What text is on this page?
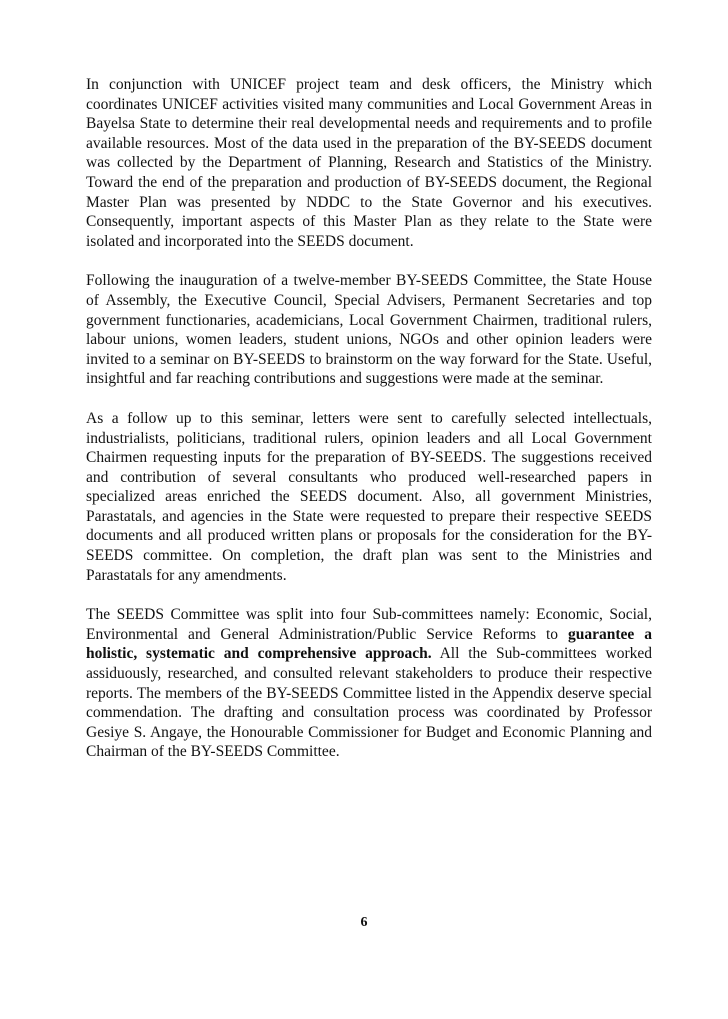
In conjunction with UNICEF project team and desk officers, the Ministry which coordinates UNICEF activities visited many communities and Local Government Areas in Bayelsa State to determine their real developmental needs and requirements and to profile available resources. Most of the data used in the preparation of the BY-SEEDS document was collected by the Department of Planning, Research and Statistics of the Ministry. Toward the end of the preparation and production of BY-SEEDS document, the Regional Master Plan was presented by NDDC to the State Governor and his executives. Consequently, important aspects of this Master Plan as they relate to the State were isolated and incorporated into the SEEDS document.

Following the inauguration of a twelve-member BY-SEEDS Committee, the State House of Assembly, the Executive Council, Special Advisers, Permanent Secretaries and top government functionaries, academicians, Local Government Chairmen, traditional rulers, labour unions, women leaders, student unions, NGOs and other opinion leaders were invited to a seminar on BY-SEEDS to brainstorm on the way forward for the State. Useful, insightful and far reaching contributions and suggestions were made at the seminar.

As a follow up to this seminar, letters were sent to carefully selected intellectuals, industrialists, politicians, traditional rulers, opinion leaders and all Local Government Chairmen requesting inputs for the preparation of BY-SEEDS. The suggestions received and contribution of several consultants who produced well-researched papers in specialized areas enriched the SEEDS document. Also, all government Ministries, Parastatals, and agencies in the State were requested to prepare their respective SEEDS documents and all produced written plans or proposals for the consideration for the BY-SEEDS committee. On completion, the draft plan was sent to the Ministries and Parastatals for any amendments.

The SEEDS Committee was split into four Sub-committees namely: Economic, Social, Environmental and General Administration/Public Service Reforms to guarantee a holistic, systematic and comprehensive approach. All the Sub-committees worked assiduously, researched, and consulted relevant stakeholders to produce their respective reports. The members of the BY-SEEDS Committee listed in the Appendix deserve special commendation. The drafting and consultation process was coordinated by Professor Gesiye S. Angaye, the Honourable Commissioner for Budget and Economic Planning and Chairman of the BY-SEEDS Committee.

6
